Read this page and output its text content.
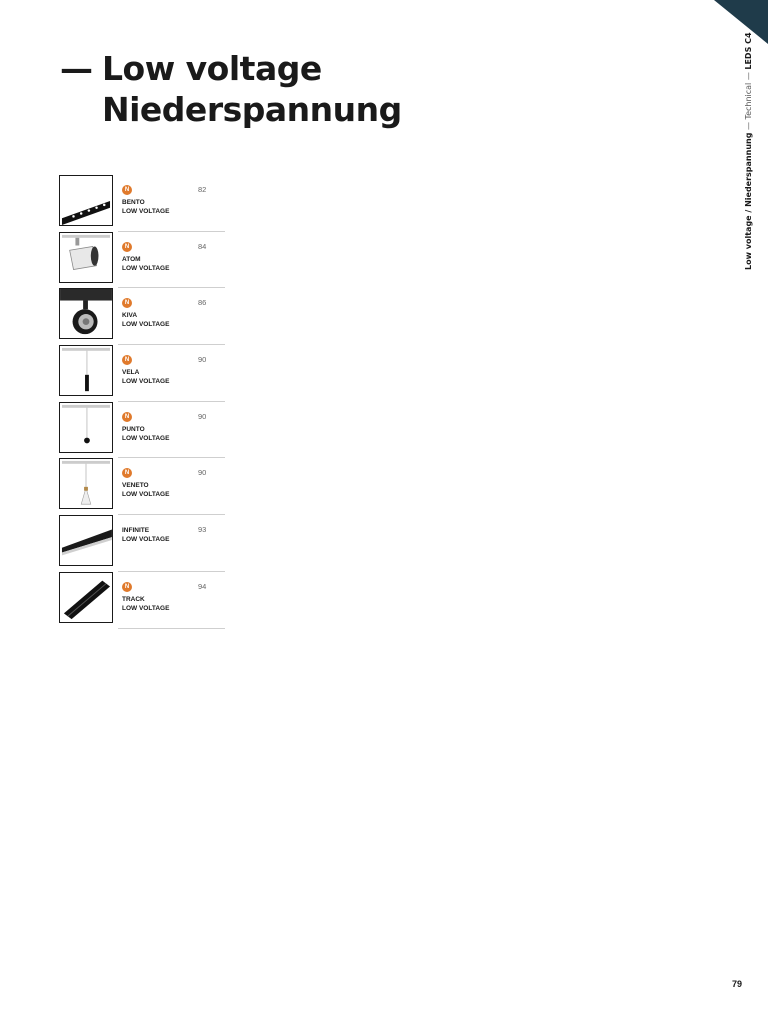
— Low voltage
Niederspannung
Low voltage / Niederspannung — Technical — LEDS C4
N	82
BENTO
LOW VOLTAGE
N	84
ATOM
LOW VOLTAGE
N	86
KIVA
LOW VOLTAGE
N	90
VELA
LOW VOLTAGE
N	90
PUNTO
LOW VOLTAGE
N	90
VENETO
LOW VOLTAGE
93
INFINITE
LOW VOLTAGE
N	94
TRACK
LOW VOLTAGE
79
